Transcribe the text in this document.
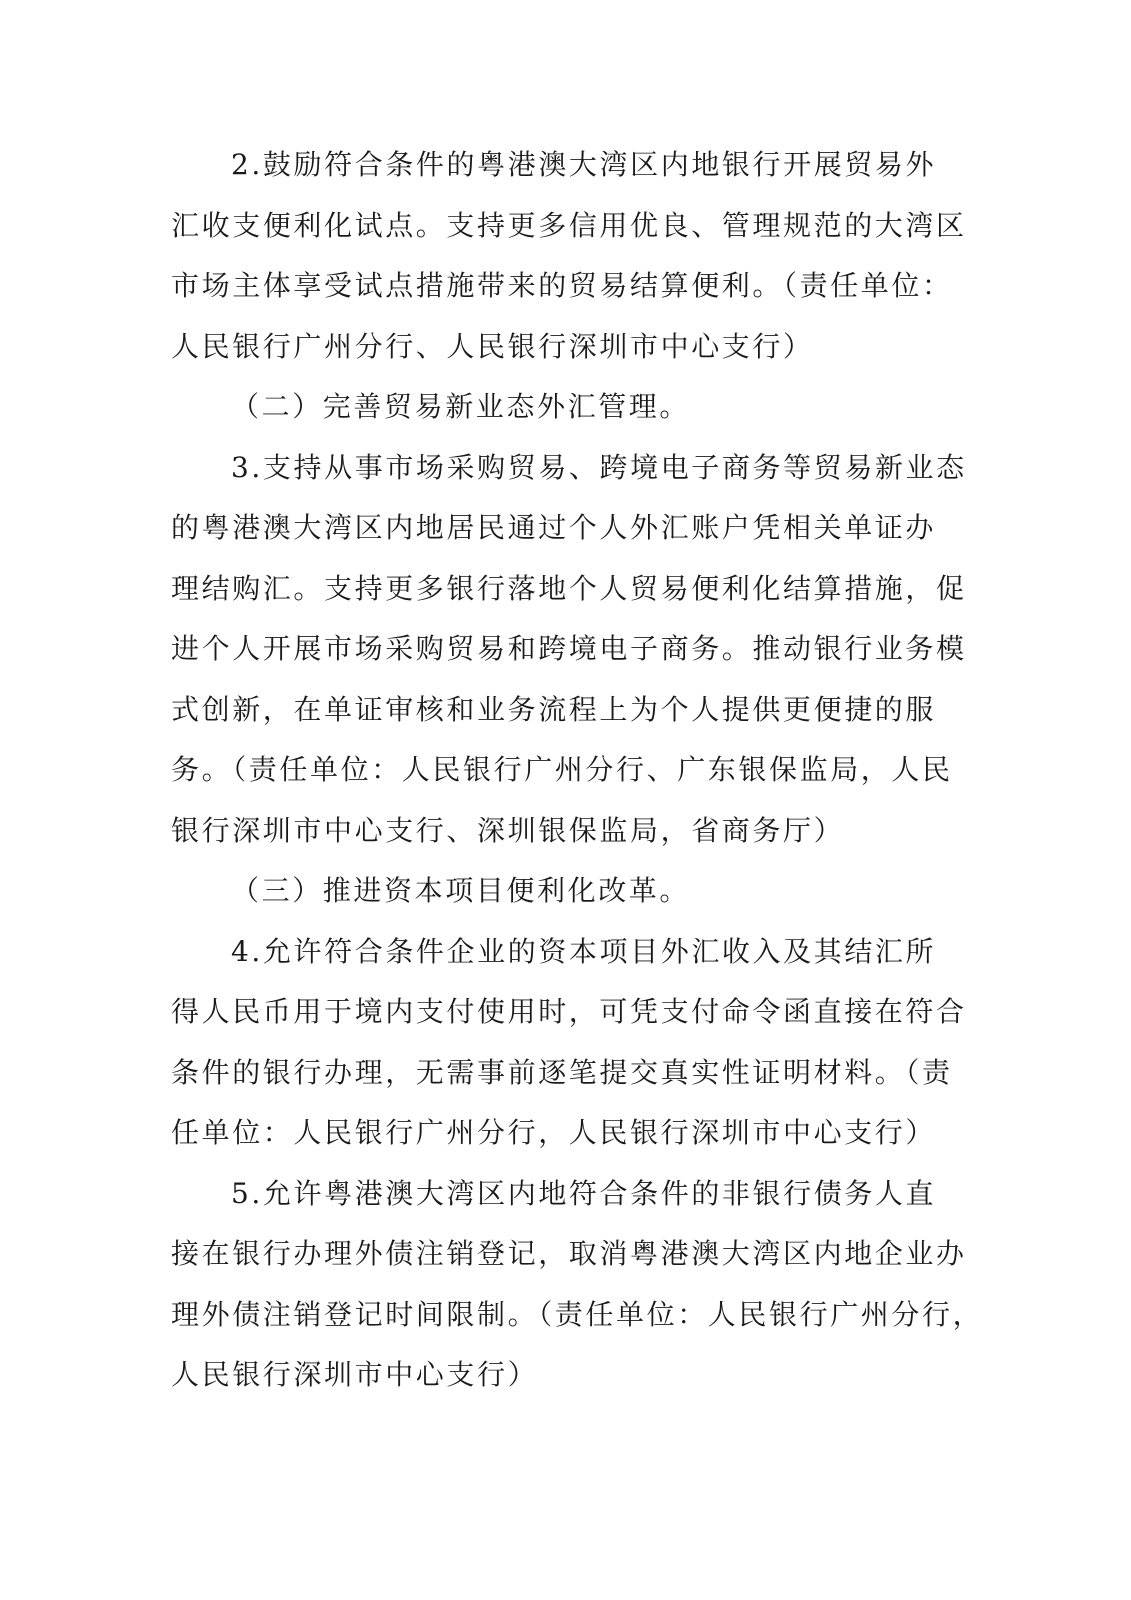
2.鼓励符合条件的粤港澳大湾区内地银行开展贸易外
汇收支便利化试点。支持更多信用优良、管理规范的大湾区
市场主体享受试点措施带来的贸易结算便利。（责任单位：
人民银行广州分行、人民银行深圳市中心支行）

（二）完善贸易新业态外汇管理。

3.支持从事市场采购贸易、跨境电子商务等贸易新业态
的粤港澳大湾区内地居民通过个人外汇账户凭相关单证办
理结购汇。支持更多银行落地个人贸易便利化结算措施，促
进个人开展市场采购贸易和跨境电子商务。推动银行业务模
式创新，在单证审核和业务流程上为个人提供更便捷的服
务。（责任单位：人民银行广州分行、广东银保监局，人民
银行深圳市中心支行、深圳银保监局，省商务厅）

（三）推进资本项目便利化改革。

4.允许符合条件企业的资本项目外汇收入及其结汇所
得人民币用于境内支付使用时，可凭支付命令函直接在符合
条件的银行办理，无需事前逐笔提交真实性证明材料。（责
任单位：人民银行广州分行，人民银行深圳市中心支行）

5.允许粤港澳大湾区内地符合条件的非银行债务人直
接在银行办理外债注销登记，取消粤港澳大湾区内地企业办
理外债注销登记时间限制。（责任单位：人民银行广州分行，
人民银行深圳市中心支行）
